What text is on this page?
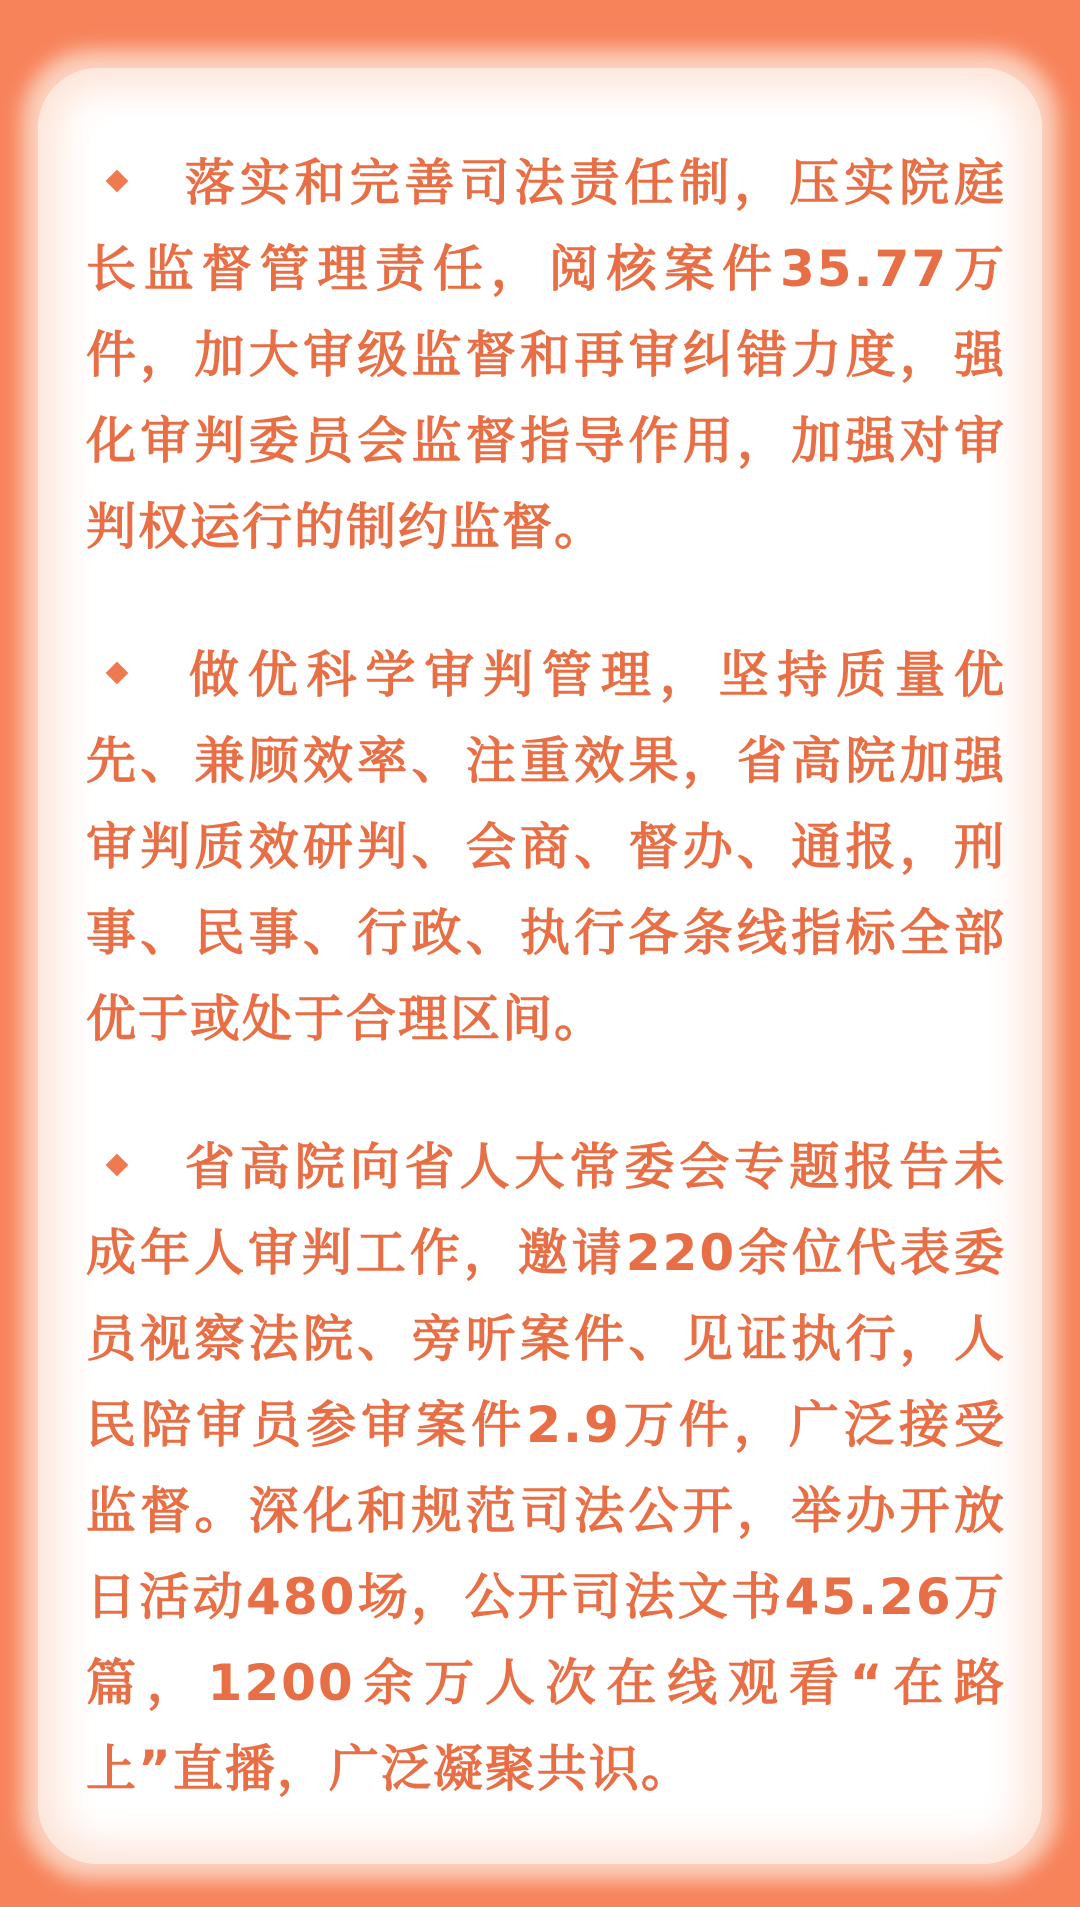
落实和完善司法责任制，压实院庭长监督管理责任，阅核案件35.77万件，加大审级监督和再审纠错力度，强化审判委员会监督指导作用，加强对审判权运行的制约监督。

做优科学审判管理，坚持质量优先、兼顾效率、注重效果，省高院加强审判质效研判、会商、督办、通报，刑事、民事、行政、执行各条线指标全部优于或处于合理区间。

省高院向省人大常委会专题报告未成年人审判工作，邀请220余位代表委员视察法院、旁听案件、见证执行，人民陪审员参审案件2.9万件，广泛接受监督。深化和规范司法公开，举办开放日活动480场，公开司法文书45.26万篇，1200余万人次在线观看“在路上”直播，广泛凝聚共识。
